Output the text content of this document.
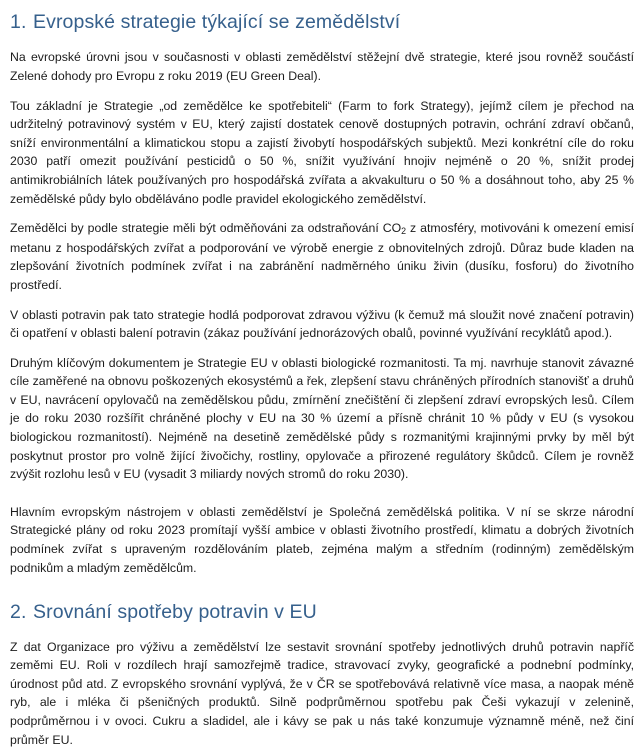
1. Evropské strategie týkající se zemědělství

Na evropské úrovni jsou v současnosti v oblasti zemědělství stěžejní dvě strategie, které jsou rovněž součástí Zelené dohody pro Evropu z roku 2019 (EU Green Deal).

Tou základní je Strategie „od zemědělce ke spotřebiteli“ (Farm to fork Strategy), jejímž cílem je přechod na udržitelný potravinový systém v EU, který zajistí dostatek cenově dostupných potravin, ochrání zdraví občanů, sníží environmentální a klimatickou stopu a zajistí živobytí hospodářských subjektů. Mezi konkrétní cíle do roku 2030 patří omezit používání pesticidů o 50 %, snížit využívání hnojiv nejméně o 20 %, snížit prodej antimikrobiálních látek používaných pro hospodářská zvířata a akvakulturu o 50 % a dosáhnout toho, aby 25 % zemědělské půdy bylo obděláváno podle pravidel ekologického zemědělství.

Zemědělci by podle strategie měli být odměňováni za odstraňování $CO_2$ z atmosféry, motivováni k omezení emisí metanu z hospodářských zvířat a podporování ve výrobě energie z obnovitelných zdrojů. Důraz bude kladen na zlepšování životních podmínek zvířat i na zabránění nadměrného úniku živin (dusíku, fosforu) do životního prostředí.

V oblasti potravin pak tato strategie hodlá podporovat zdravou výživu (k čemuž má sloužit nové značení potravin) či opatření v oblasti balení potravin (zákaz používání jednorázových obalů, povinné využívání recyklátů apod.).

Druhým klíčovým dokumentem je Strategie EU v oblasti biologické rozmanitosti. Ta mj. navrhuje stanovit závazné cíle zaměřené na obnovu poškozených ekosystémů a řek, zlepšení stavu chráněných přírodních stanovišť a druhů v EU, navrácení opylovačů na zemědělskou půdu, zmírnění znečištění či zlepšení zdraví evropských lesů. Cílem je do roku 2030 rozšířit chráněné plochy v EU na 30 % území a přísně chránit 10 % půdy v EU (s vysokou biologickou rozmanitostí). Nejméně na desetině zemědělské půdy s rozmanitými krajinnými prvky by měl být poskytnut prostor pro volně žijící živočichy, rostliny, opylovače a přirozené regulátory škůdců. Cílem je rovněž zvýšit rozlohu lesů v EU (vysadit 3 miliardy nových stromů do roku 2030).

Hlavním evropským nástrojem v oblasti zemědělství je Společná zemědělská politika. V ní se skrze národní Strategické plány od roku 2023 promítají vyšší ambice v oblasti životního prostředí, klimatu a dobrých životních podmínek zvířat s upraveným rozdělováním plateb, zejména malým a středním (rodinným) zemědělským podnikům a mladým zemědělcům.

2. Srovnání spotřeby potravin v EU

Z dat Organizace pro výživu a zemědělství lze sestavit srovnání spotřeby jednotlivých druhů potravin napříč zeměmi EU. Roli v rozdílech hrají samozřejmě tradice, stravovací zvyky, geografické a podnební podmínky, úrodnost půd atd. Z evropského srovnání vyplývá, že v ČR se spotřebovává relativně více masa, a naopak méně ryb, ale i mléka či pšeničných produktů. Silně podprůměrnou spotřebu pak Češi vykazují v zelenině, podprůměrnou i v ovoci. Cukru a sladidel, ale i kávy se pak u nás také konzumuje významně méně, než činí průměr EU.
